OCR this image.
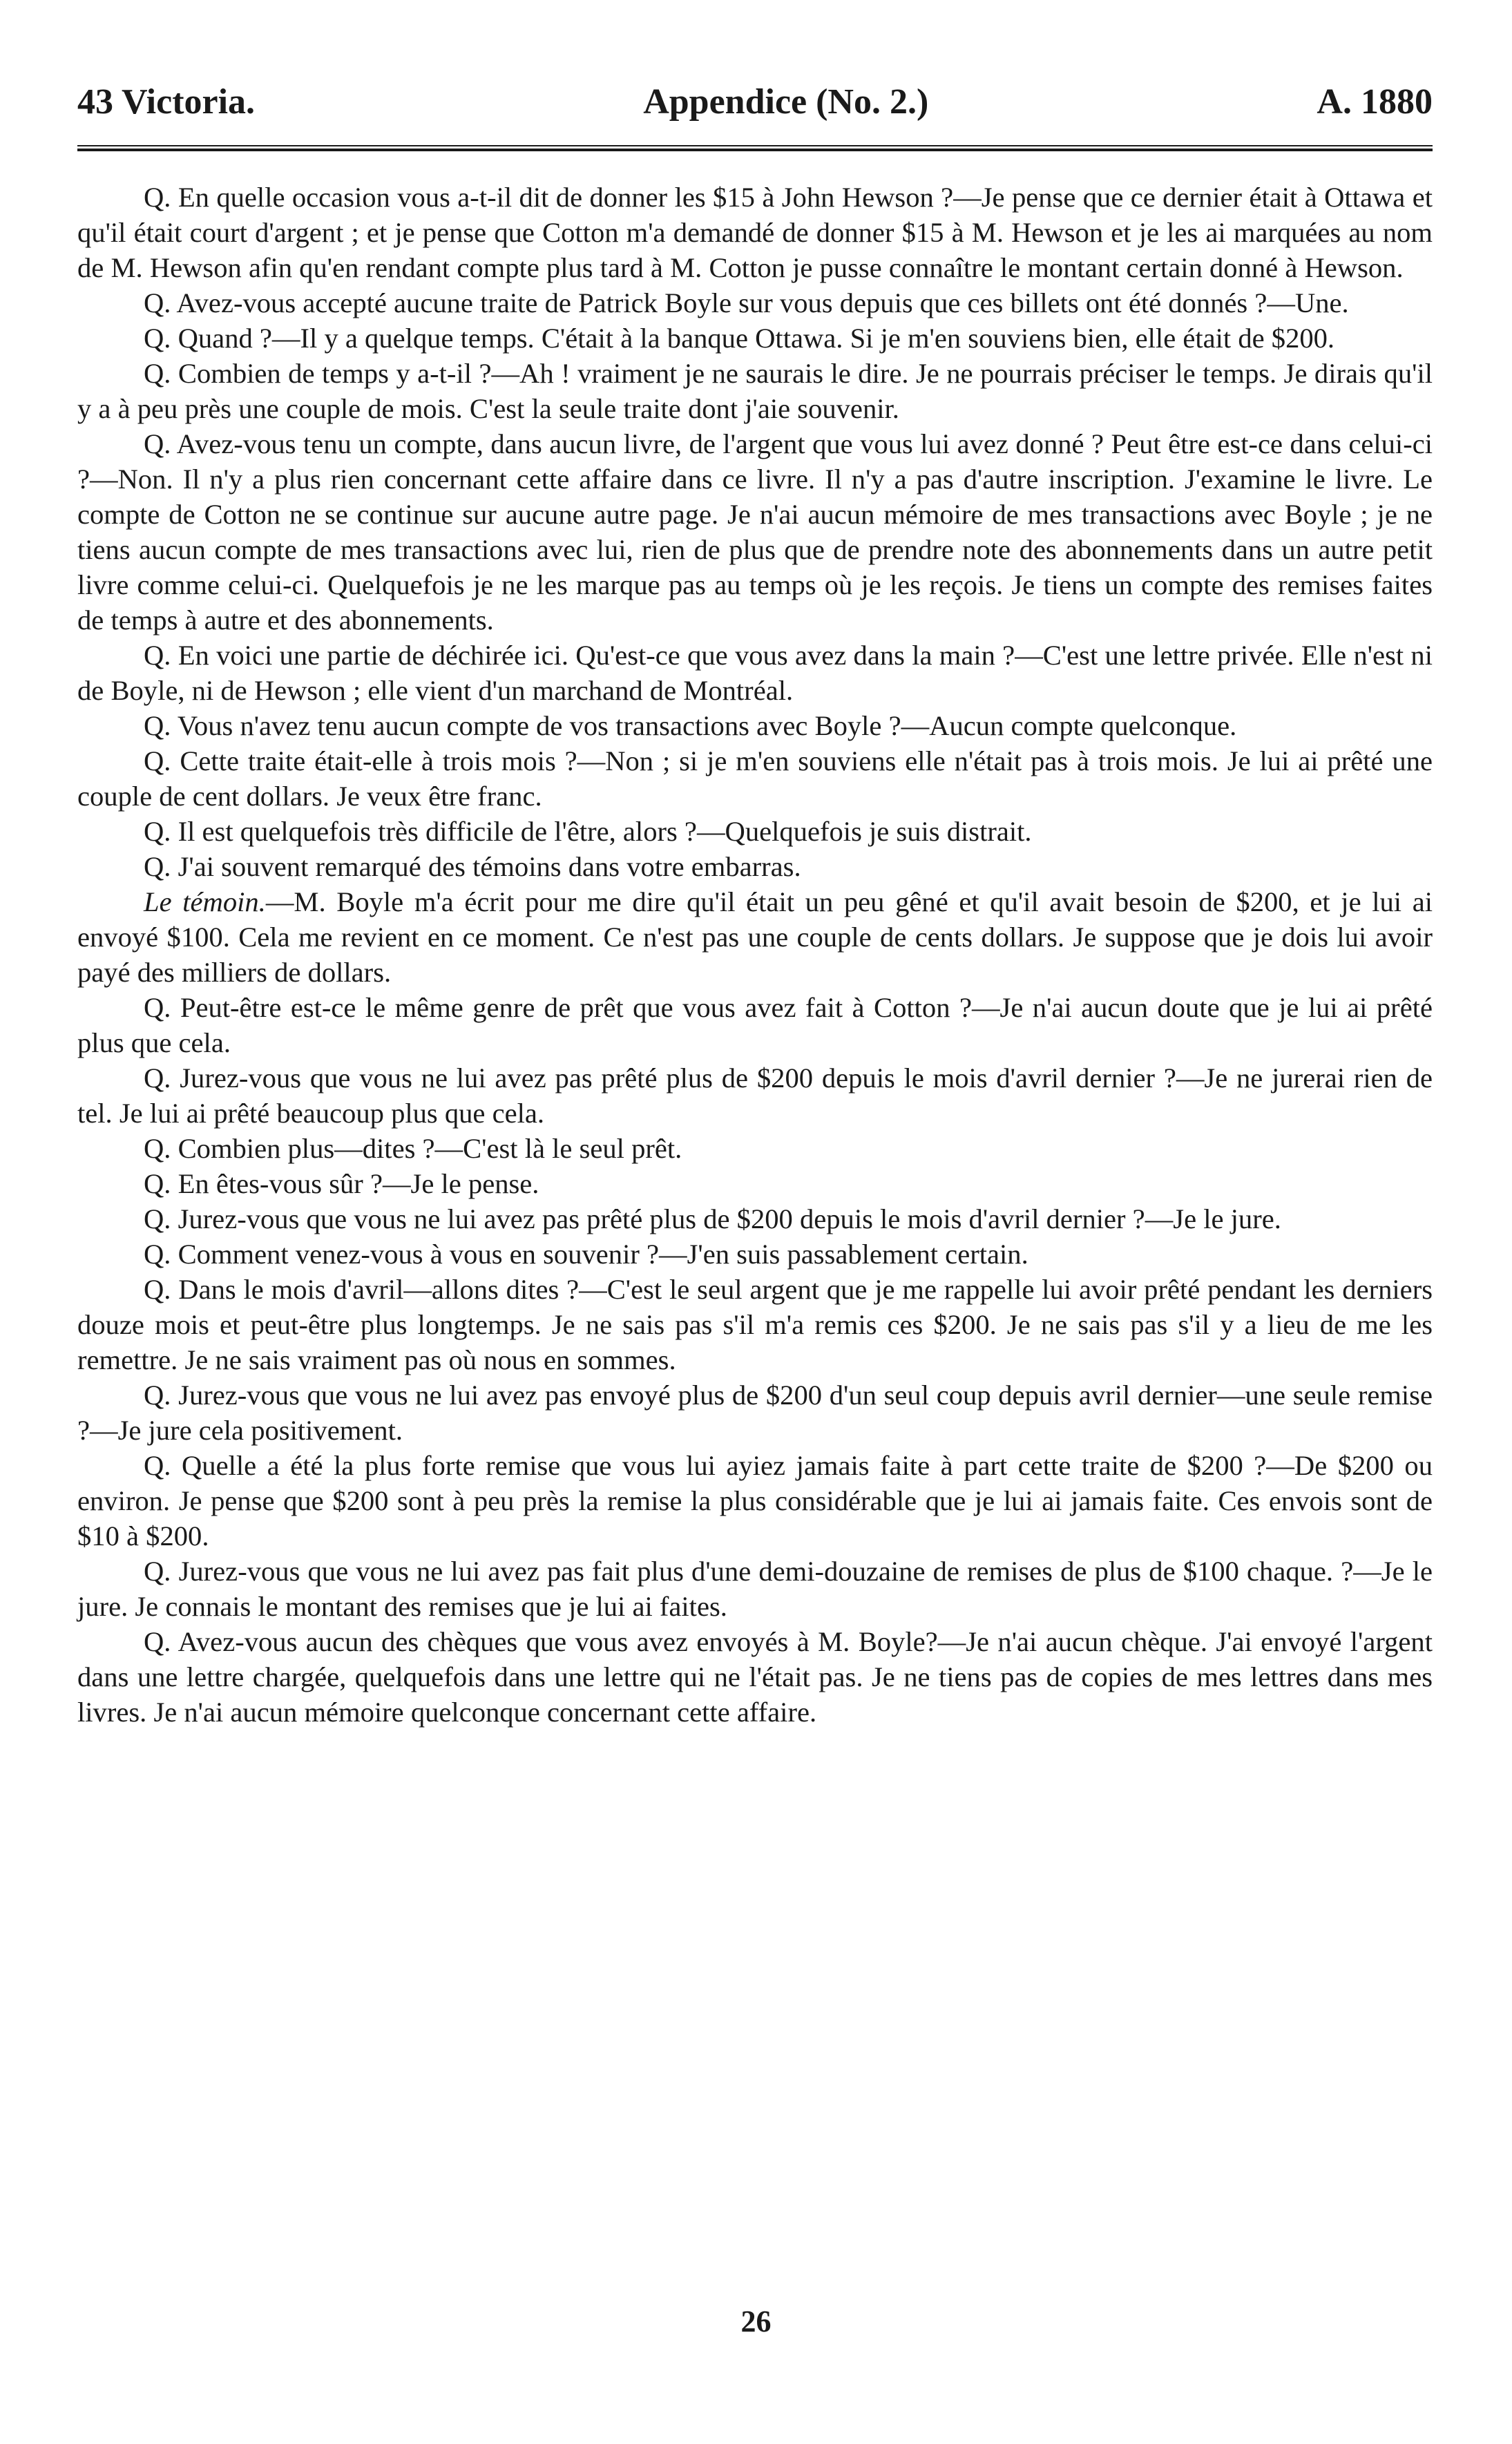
43 Victoria.	Appendice (No. 2.)	A. 1880

Q. En quelle occasion vous a-t-il dit de donner les $15 à John Hewson ?—Je pense que ce dernier était à Ottawa et qu'il était court d'argent ; et je pense que Cotton m'a demandé de donner $15 à M. Hewson et je les ai marquées au nom de M. Hewson afin qu'en rendant compte plus tard à M. Cotton je pusse connaître le montant certain donné à Hewson.

Q. Avez-vous accepté aucune traite de Patrick Boyle sur vous depuis que ces billets ont été donnés ?—Une.

Q. Quand ?—Il y a quelque temps. C'était à la banque Ottawa. Si je m'en souviens bien, elle était de $200.

Q. Combien de temps y a-t-il ?—Ah ! vraiment je ne saurais le dire. Je ne pourrais préciser le temps. Je dirais qu'il y a à peu près une couple de mois. C'est la seule traite dont j'aie souvenir.

Q. Avez-vous tenu un compte, dans aucun livre, de l'argent que vous lui avez donné ? Peut être est-ce dans celui-ci ?—Non. Il n'y a plus rien concernant cette affaire dans ce livre. Il n'y a pas d'autre inscription. J'examine le livre. Le compte de Cotton ne se continue sur aucune autre page. Je n'ai aucun mémoire de mes transactions avec Boyle ; je ne tiens aucun compte de mes transactions avec lui, rien de plus que de prendre note des abonnements dans un autre petit livre comme celui-ci. Quelquefois je ne les marque pas au temps où je les reçois. Je tiens un compte des remises faites de temps à autre et des abonnements.

Q. En voici une partie de déchirée ici. Qu'est-ce que vous avez dans la main ?—C'est une lettre privée. Elle n'est ni de Boyle, ni de Hewson ; elle vient d'un marchand de Montréal.

Q. Vous n'avez tenu aucun compte de vos transactions avec Boyle ?—Aucun compte quelconque.

Q. Cette traite était-elle à trois mois ?—Non ; si je m'en souviens elle n'était pas à trois mois. Je lui ai prêté une couple de cent dollars. Je veux être franc.

Q. Il est quelquefois très difficile de l'être, alors ?—Quelquefois je suis distrait.

Q. J'ai souvent remarqué des témoins dans votre embarras.

Le témoin.—M. Boyle m'a écrit pour me dire qu'il était un peu gêné et qu'il avait besoin de $200, et je lui ai envoyé $100. Cela me revient en ce moment. Ce n'est pas une couple de cents dollars. Je suppose que je dois lui avoir payé des milliers de dollars.

Q. Peut-être est-ce le même genre de prêt que vous avez fait à Cotton ?—Je n'ai aucun doute que je lui ai prêté plus que cela.

Q. Jurez-vous que vous ne lui avez pas prêté plus de $200 depuis le mois d'avril dernier ?—Je ne jurerai rien de tel. Je lui ai prêté beaucoup plus que cela.

Q. Combien plus—dites ?—C'est là le seul prêt.

Q. En êtes-vous sûr ?—Je le pense.

Q. Jurez-vous que vous ne lui avez pas prêté plus de $200 depuis le mois d'avril dernier ?—Je le jure.

Q. Comment venez-vous à vous en souvenir ?—J'en suis passablement certain.

Q. Dans le mois d'avril—allons dites ?—C'est le seul argent que je me rappelle lui avoir prêté pendant les derniers douze mois et peut-être plus longtemps. Je ne sais pas s'il m'a remis ces $200. Je ne sais pas s'il y a lieu de me les remettre. Je ne sais vraiment pas où nous en sommes.

Q. Jurez-vous que vous ne lui avez pas envoyé plus de $200 d'un seul coup depuis avril dernier—une seule remise ?—Je jure cela positivement.

Q. Quelle a été la plus forte remise que vous lui ayiez jamais faite à part cette traite de $200 ?—De $200 ou environ. Je pense que $200 sont à peu près la remise la plus considérable que je lui ai jamais faite. Ces envois sont de $10 à $200.

Q. Jurez-vous que vous ne lui avez pas fait plus d'une demi-douzaine de remises de plus de $100 chaque. ?—Je le jure. Je connais le montant des remises que je lui ai faites.

Q. Avez-vous aucun des chèques que vous avez envoyés à M. Boyle?—Je n'ai aucun chèque. J'ai envoyé l'argent dans une lettre chargée, quelquefois dans une lettre qui ne l'était pas. Je ne tiens pas de copies de mes lettres dans mes livres. Je n'ai aucun mémoire quelconque concernant cette affaire.

26
